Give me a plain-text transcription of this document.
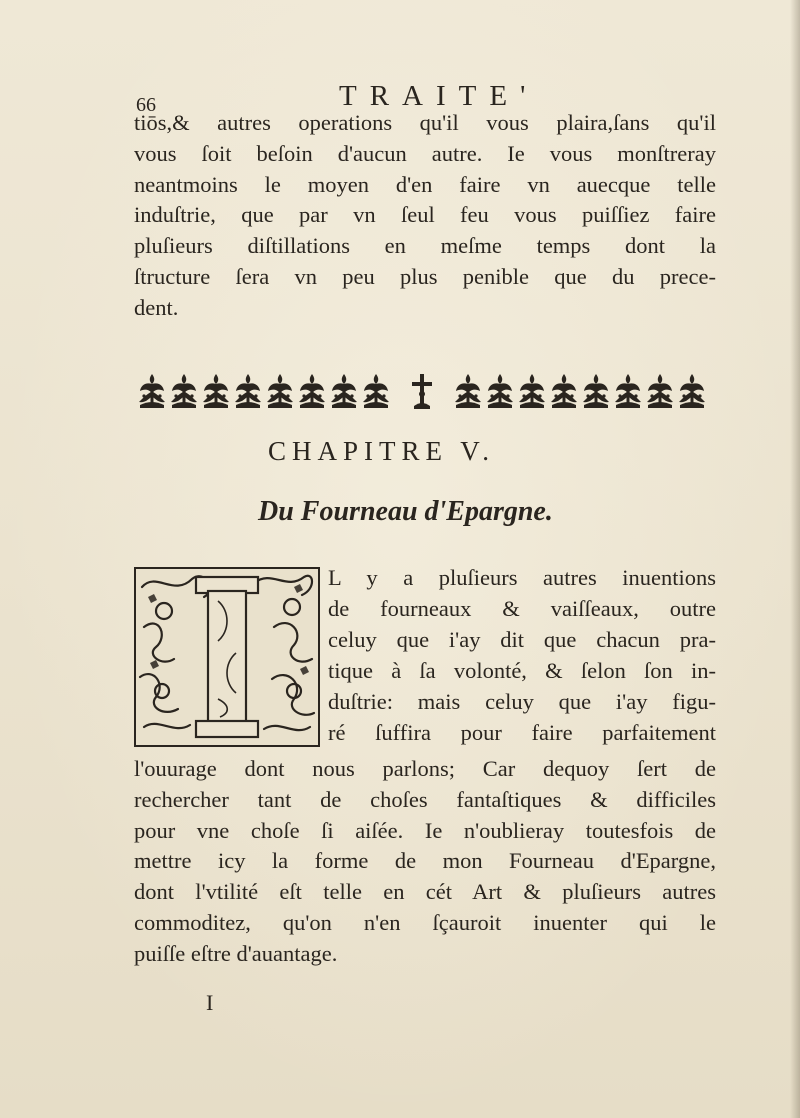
66	TRAITE'
tiōs,& autres operations qu'il vous plaira,ſans qu'il
vous ſoit beſoin d'aucun autre. Ie vous monſtreray
neantmoins le moyen d'en faire vn auecque telle
induſtrie, que par vn ſeul feu vous puiſſiez faire
pluſieurs diſtillations en meſme temps dont la
ſtructure ſera vn peu plus penible que du prece-
dent.
CHAPITRE V.
Du Fourneau d'Epargne.
L y a pluſieurs autres inuentions
de fourneaux & vaiſſeaux, outre
celuy que i'ay dit que chacun pra-
tique à ſa volonté, & ſelon ſon in-
duſtrie: mais celuy que i'ay figu-
ré ſuffira pour faire parfaitement
l'ouurage dont nous parlons; Car dequoy ſert de
rechercher tant de choſes fantaſtiques & difficiles
pour vne choſe ſi aiſée. Ie n'oublieray toutesfois de
mettre icy la forme de mon Fourneau d'Epargne,
dont l'vtilité eſt telle en cét Art & pluſieurs autres
commoditez, qu'on n'en ſçauroit inuenter qui le
puiſſe eſtre d'auantage.
I
